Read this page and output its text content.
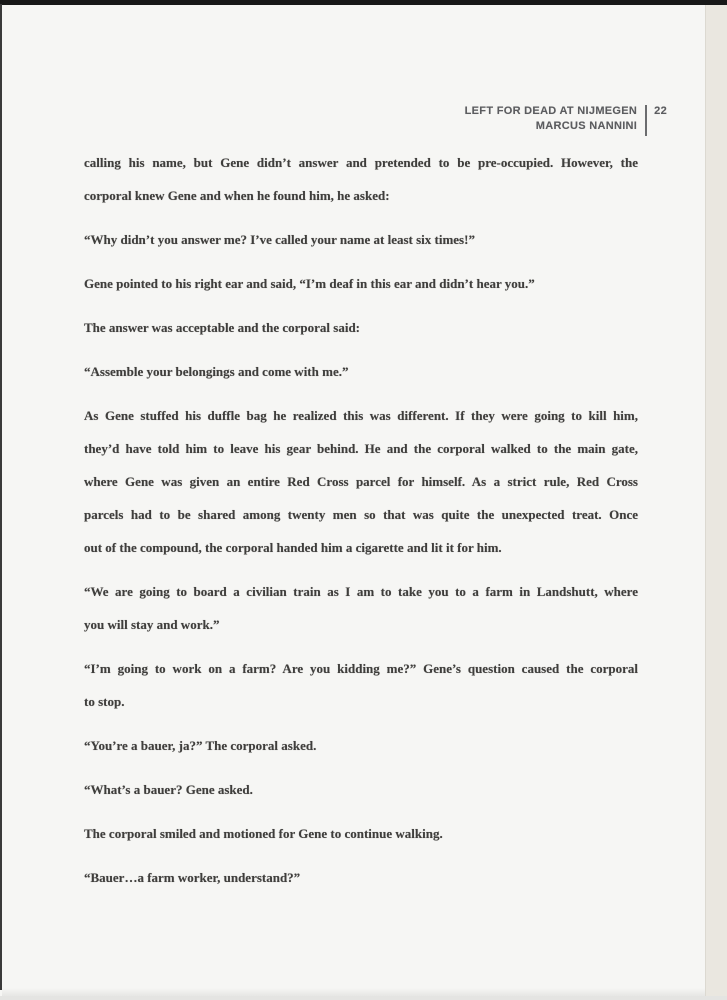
LEFT FOR DEAD AT NIJMEGEN
MARCUS NANNINI
22
calling his name, but Gene didn’t answer and pretended to be pre-occupied. However, the
corporal knew Gene and when he found him, he asked:
“Why didn’t you answer me? I’ve called your name at least six times!”
Gene pointed to his right ear and said, “I’m deaf in this ear and didn’t hear you.”
The answer was acceptable and the corporal said:
“Assemble your belongings and come with me.”
As Gene stuffed his duffle bag he realized this was different. If they were going to kill him,
they’d have told him to leave his gear behind. He and the corporal walked to the main gate,
where Gene was given an entire Red Cross parcel for himself. As a strict rule, Red Cross
parcels had to be shared among twenty men so that was quite the unexpected treat. Once
out of the compound, the corporal handed him a cigarette and lit it for him.
“We are going to board a civilian train as I am to take you to a farm in Landshutt, where
you will stay and work.”
“I’m going to work on a farm? Are you kidding me?” Gene’s question caused the corporal
to stop.
“You’re a bauer, ja?” The corporal asked.
“What’s a bauer? Gene asked.
The corporal smiled and motioned for Gene to continue walking.
“Bauer…a farm worker, understand?”
